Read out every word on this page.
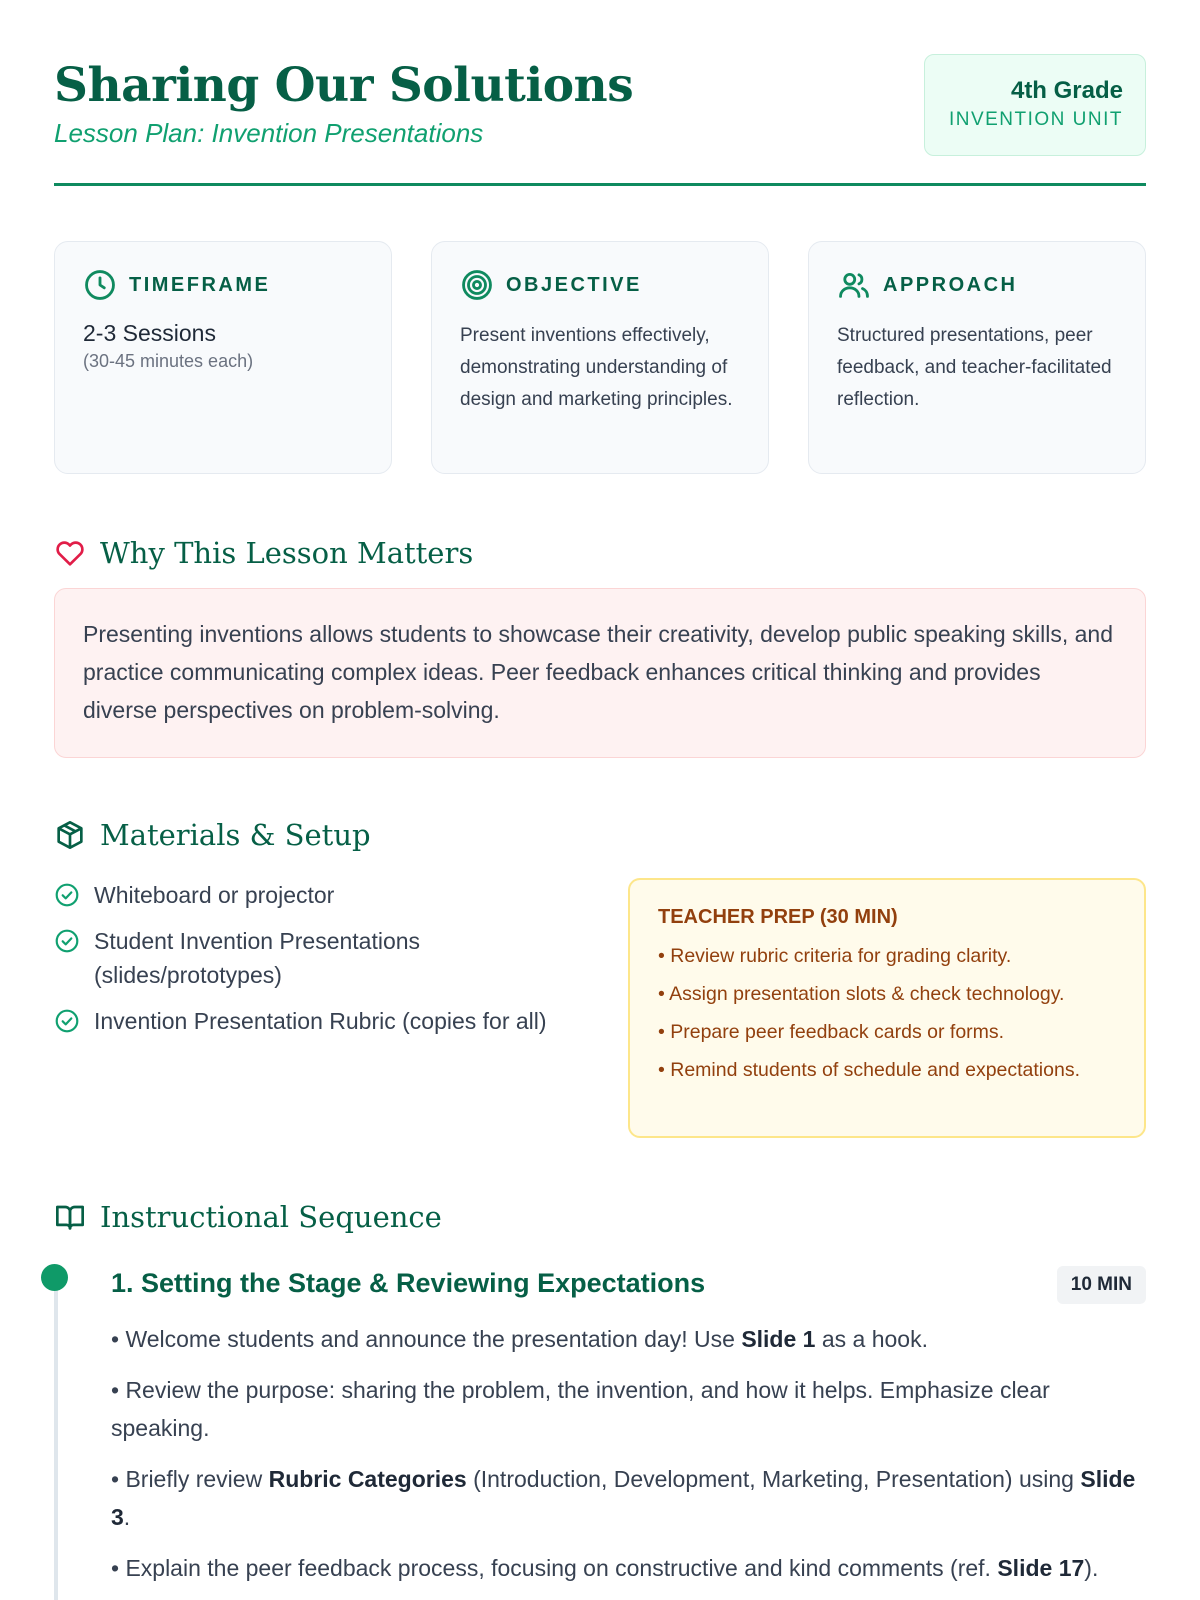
Sharing Our Solutions
Lesson Plan: Invention Presentations
4th Grade
INVENTION UNIT
TIMEFRAME
2-3 Sessions
(30-45 minutes each)
OBJECTIVE
Present inventions effectively, demonstrating understanding of design and marketing principles.
APPROACH
Structured presentations, peer feedback, and teacher-facilitated reflection.
Why This Lesson Matters
Presenting inventions allows students to showcase their creativity, develop public speaking skills, and practice communicating complex ideas. Peer feedback enhances critical thinking and provides diverse perspectives on problem-solving.
Materials & Setup
Whiteboard or projector
Student Invention Presentations (slides/prototypes)
Invention Presentation Rubric (copies for all)
TEACHER PREP (30 MIN)
• Review rubric criteria for grading clarity.
• Assign presentation slots & check technology.
• Prepare peer feedback cards or forms.
• Remind students of schedule and expectations.
Instructional Sequence
1. Setting the Stage & Reviewing Expectations	10 MIN
• Welcome students and announce the presentation day! Use Slide 1 as a hook.
• Review the purpose: sharing the problem, the invention, and how it helps. Emphasize clear speaking.
• Briefly review Rubric Categories (Introduction, Development, Marketing, Presentation) using Slide 3.
• Explain the peer feedback process, focusing on constructive and kind comments (ref. Slide 17).
